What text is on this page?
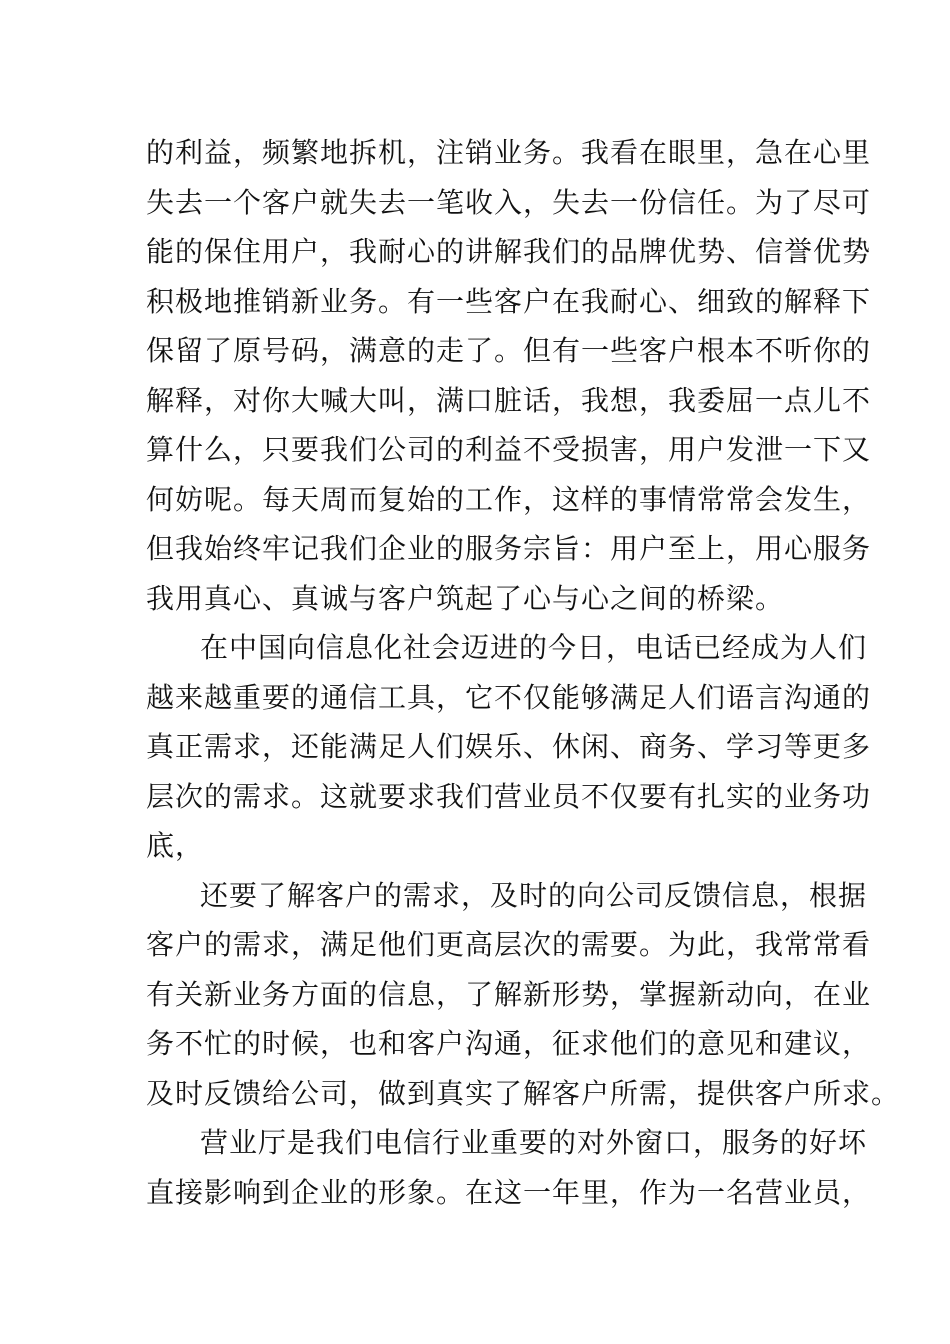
的利益，频繁地拆机，注销业务。我看在眼里，急在心里
失去一个客户就失去一笔收入，失去一份信任。为了尽可
能的保住用户，我耐心的讲解我们的品牌优势、信誉优势
积极地推销新业务。有一些客户在我耐心、细致的解释下
保留了原号码，满意的走了。但有一些客户根本不听你的
解释，对你大喊大叫，满口脏话，我想，我委屈一点儿不
算什么，只要我们公司的利益不受损害，用户发泄一下又
何妨呢。每天周而复始的工作，这样的事情常常会发生，
但我始终牢记我们企业的服务宗旨：用户至上，用心服务
我用真心、真诚与客户筑起了心与心之间的桥梁。
在中国向信息化社会迈进的今日，电话已经成为人们
越来越重要的通信工具，它不仅能够满足人们语言沟通的
真正需求，还能满足人们娱乐、休闲、商务、学习等更多
层次的需求。这就要求我们营业员不仅要有扎实的业务功
底，
还要了解客户的需求，及时的向公司反馈信息，根据
客户的需求，满足他们更高层次的需要。为此，我常常看
有关新业务方面的信息，了解新形势，掌握新动向，在业
务不忙的时候，也和客户沟通，征求他们的意见和建议，
及时反馈给公司，做到真实了解客户所需，提供客户所求。
营业厅是我们电信行业重要的对外窗口，服务的好坏
直接影响到企业的形象。在这一年里，作为一名营业员，
